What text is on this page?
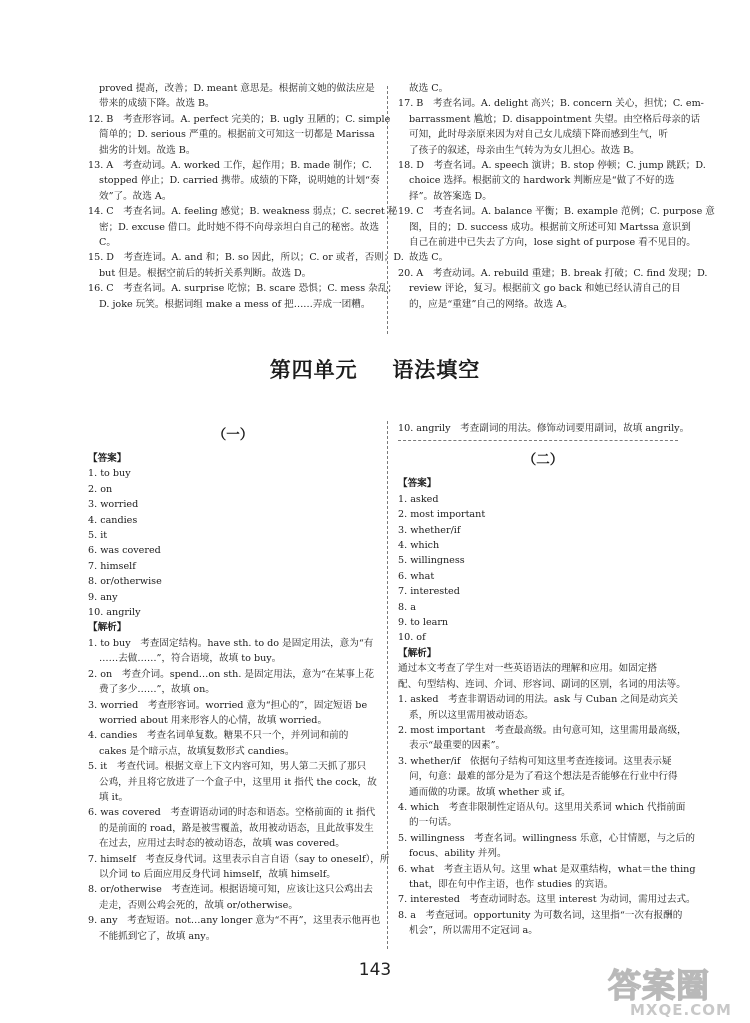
proved 提高，改善；D. meant 意思是。根据前文她的做法应是

带来的成绩下降。故选 B。

12. B　考查形容词。A. perfect 完美的；B. ugly 丑陋的；C. simple

简单的；D. serious 严重的。根据前文可知这一切都是 Marissa

拙劣的计划。故选 B。

13. A　考查动词。A. worked 工作，起作用；B. made 制作；C.

stopped 停止；D. carried 携带。成绩的下降，说明她的计划“奏

效”了。故选 A。

14. C　考查名词。A. feeling 感觉；B. weakness 弱点；C. secret 秘

密；D. excuse 借口。此时她不得不向母亲坦白自己的秘密。故选

C。

15. D　考查连词。A. and 和；B. so 因此，所以；C. or 或者，否则；D.

but 但是。根据空前后的转折关系判断。故选 D。

16. C　考查名词。A. surprise 吃惊；B. scare 恐惧；C. mess 杂乱；

D. joke 玩笑。根据词组 make a mess of 把……弄成一团糟。

故选 C。

17. B　考查名词。A. delight 高兴；B. concern 关心，担忧；C. em-

barrassment 尴尬；D. disappointment 失望。由空格后母亲的话

可知，此时母亲原来因为对自己女儿成绩下降而感到生气，听

了孩子的叙述，母亲由生气转为为女儿担心。故选 B。

18. D　考查名词。A. speech 演讲；B. stop 停顿；C. jump 跳跃；D.

choice 选择。根据前文的 hardwork 判断应是“做了不好的选

择”。故答案选 D。

19. C　考查名词。A. balance 平衡；B. example 范例；C. purpose 意

图，目的；D. success 成功。根据前文所述可知 Martssa 意识到

自己在前进中已失去了方向，lose sight of purpose 看不见目的。

故选 C。

20. A　考查动词。A. rebuild 重建；B. break 打破；C. find 发现；D.

review 评论，复习。根据前文 go back 和她已经认清自己的目

的，应是“重建”自己的网络。故选 A。

第四单元 语法填空

（一）

【答案】

1. to buy

2. on

3. worried

4. candies

5. it

6. was covered

7. himself

8. or/otherwise

9. any

10. angrily

【解析】

1. to buy　考查固定结构。have sth. to do 是固定用法，意为“有

……去做……”，符合语境，故填 to buy。

2. on　考查介词。spend…on sth. 是固定用法，意为“在某事上花

费了多少……”，故填 on。

3. worried　考查形容词。worried 意为“担心的”，固定短语 be

worried about 用来形容人的心情，故填 worried。

4. candies　考查名词单复数。糖果不只一个，并列词和前的

cakes 是个暗示点，故填复数形式 candies。

5. it　考查代词。根据文章上下文内容可知，男人第二天抓了那只

公鸡，并且将它放进了一个盒子中，这里用 it 指代 the cock，故

填 it。

6. was covered　考查谓语动词的时态和语态。空格前面的 it 指代

的是前面的 road，路是被雪覆盖，故用被动语态，且此故事发生

在过去，应用过去时态的被动语态，故填 was covered。

7. himself　考查反身代词。这里表示自言自语（say to oneself），所

以介词 to 后面应用反身代词 himself，故填 himself。

8. or/otherwise　考查连词。根据语境可知，应该让这只公鸡出去

走走，否则公鸡会死的，故填 or/otherwise。

9. any　考查短语。not…any longer 意为“不再”，这里表示他再也

不能抓到它了，故填 any。

10. angrily　考查副词的用法。修饰动词要用副词，故填 angrily。

（二）

【答案】

1. asked

2. most important

3. whether/if

4. which

5. willingness

6. what

7. interested

8. a

9. to learn

10. of

【解析】

通过本文考查了学生对一些英语语法的理解和应用。如固定搭

配、句型结构、连词、介词、形容词、副词的区别，名词的用法等。

1. asked　考查非谓语动词的用法。ask 与 Cuban 之间是动宾关

系，所以这里需用被动语态。

2. most important　考查最高级。由句意可知，这里需用最高级，

表示“最重要的因素”。

3. whether/if　依据句子结构可知这里考查连接词。这里表示疑

问，句意：最难的部分是为了看这个想法是否能够在行业中行得

通而做的功课。故填 whether 或 if。

4. which　考查非限制性定语从句。这里用关系词 which 代指前面

的一句话。

5. willingness　考查名词。willingness 乐意，心甘情愿，与之后的

focus、ability 并列。

6. what　考查主语从句。这里 what 是双重结构，what＝the thing

that，即在句中作主语，也作 studies 的宾语。

7. interested　考查动词时态。这里 interest 为动词，需用过去式。

8. a　考查冠词。opportunity 为可数名词，这里指“一次有报酬的

机会”，所以需用不定冠词 a。

143	答案圈
MXQE.COM
